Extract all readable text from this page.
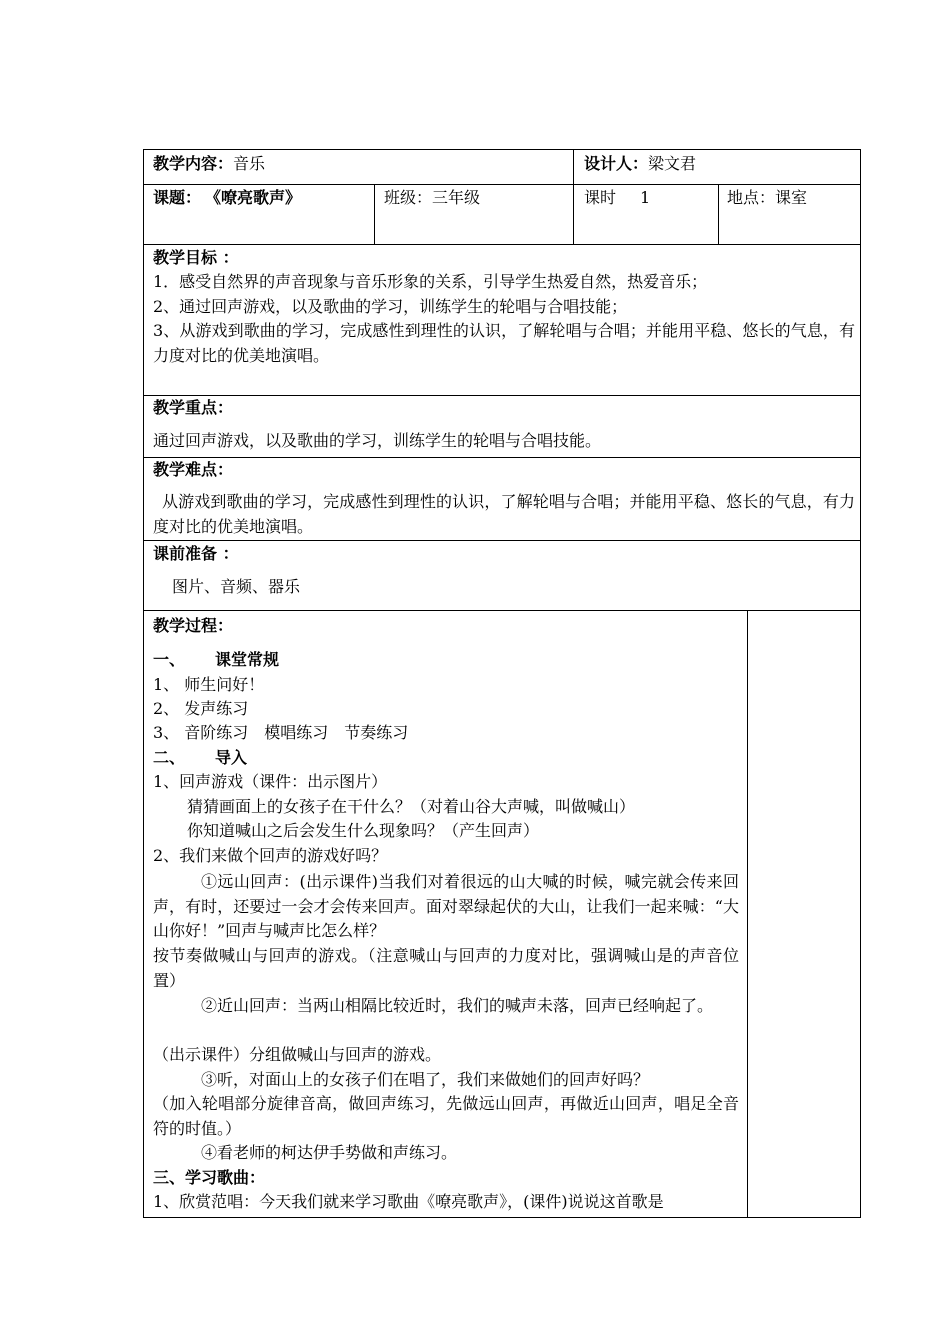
教学内容：音乐	设计人：梁文君
课题： 《嘹亮歌声》	班级：三年级	课时 1	地点：课室
教学目标 ：
1．感受自然界的声音现象与音乐形象的关系，引导学生热爱自然，热爱音乐；
2、通过回声游戏，以及歌曲的学习，训练学生的轮唱与合唱技能；
3、从游戏到歌曲的学习，完成感性到理性的认识，了解轮唱与合唱；并能用平稳、悠长的气息，有力度对比的优美地演唱。
教学重点：
通过回声游戏，以及歌曲的学习，训练学生的轮唱与合唱技能。
教学难点：
从游戏到歌曲的学习，完成感性到理性的认识，了解轮唱与合唱；并能用平稳、悠长的气息，有力度对比的优美地演唱。
课前准备 ：
图片、音频、器乐
教学过程：
一、 课堂常规
1、 师生问好！
2、 发声练习
3、 音阶练习　模唱练习　节奏练习
二、 导入
1、回声游戏（课件：出示图片）
猜猜画面上的女孩子在干什么？（对着山谷大声喊，叫做喊山）
你知道喊山之后会发生什么现象吗？（产生回声）
2、我们来做个回声的游戏好吗？
①远山回声：(出示课件)当我们对着很远的山大喊的时候，喊完就会传来回声，有时，还要过一会才会传来回声。面对翠绿起伏的大山，让我们一起来喊：“大山你好！”回声与喊声比怎么样？
按节奏做喊山与回声的游戏。（注意喊山与回声的力度对比，强调喊山是的声音位置）
②近山回声：当两山相隔比较近时，我们的喊声未落，回声已经响起了。
（出示课件）分组做喊山与回声的游戏。
③听，对面山上的女孩子们在唱了，我们来做她们的回声好吗？
（加入轮唱部分旋律音高，做回声练习，先做远山回声，再做近山回声，唱足全音符的时值。）
④看老师的柯达伊手势做和声练习。
三、学习歌曲：
1、欣赏范唱：今天我们就来学习歌曲《嘹亮歌声》，(课件)说说这首歌是
